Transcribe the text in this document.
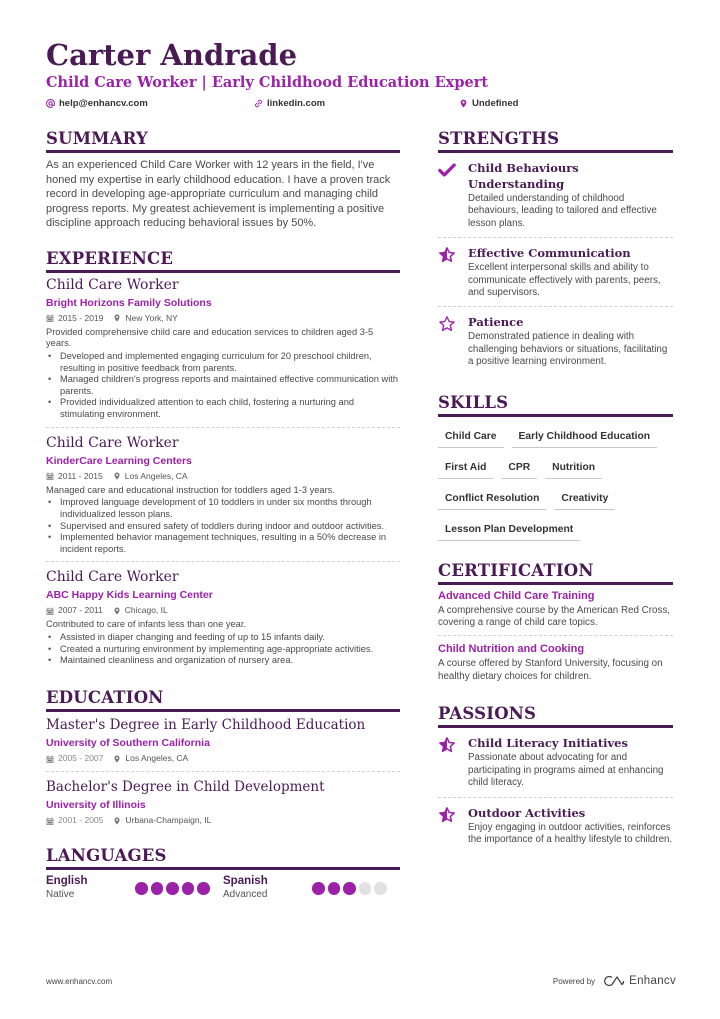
Carter Andrade
Child Care Worker | Early Childhood Education Expert
help@enhancv.com	linkedin.com	Undefined
SUMMARY
As an experienced Child Care Worker with 12 years in the field, I've honed my expertise in early childhood education. I have a proven track record in developing age-appropriate curriculum and managing child progress reports. My greatest achievement is implementing a positive discipline approach reducing behavioral issues by 50%.
EXPERIENCE
Child Care Worker
Bright Horizons Family Solutions
2015 - 2019	New York, NY
Provided comprehensive child care and education services to children aged 3-5 years.
• Developed and implemented engaging curriculum for 20 preschool children, resulting in positive feedback from parents.
• Managed children's progress reports and maintained effective communication with parents.
• Provided individualized attention to each child, fostering a nurturing and stimulating environment.
Child Care Worker
KinderCare Learning Centers
2011 - 2015	Los Angeles, CA
Managed care and educational instruction for toddlers aged 1-3 years.
• Improved language development of 10 toddlers in under six months through individualized lesson plans.
• Supervised and ensured safety of toddlers during indoor and outdoor activities.
• Implemented behavior management techniques, resulting in a 50% decrease in incident reports.
Child Care Worker
ABC Happy Kids Learning Center
2007 - 2011	Chicago, IL
Contributed to care of infants less than one year.
• Assisted in diaper changing and feeding of up to 15 infants daily.
• Created a nurturing environment by implementing age-appropriate activities.
• Maintained cleanliness and organization of nursery area.
EDUCATION
Master's Degree in Early Childhood Education
University of Southern California
2005 - 2007	Los Angeles, CA
Bachelor's Degree in Child Development
University of Illinois
2001 - 2005	Urbana-Champaign, IL
LANGUAGES
English
Native
Spanish
Advanced
STRENGTHS
Child Behaviours Understanding
Detailed understanding of childhood behaviours, leading to tailored and effective lesson plans.
Effective Communication
Excellent interpersonal skills and ability to communicate effectively with parents, peers, and supervisors.
Patience
Demonstrated patience in dealing with challenging behaviors or situations, facilitating a positive learning environment.
SKILLS
Child Care	Early Childhood Education
First Aid	CPR	Nutrition
Conflict Resolution	Creativity
Lesson Plan Development
CERTIFICATION
Advanced Child Care Training
A comprehensive course by the American Red Cross, covering a range of child care topics.
Child Nutrition and Cooking
A course offered by Stanford University, focusing on healthy dietary choices for children.
PASSIONS
Child Literacy Initiatives
Passionate about advocating for and participating in programs aimed at enhancing child literacy.
Outdoor Activities
Enjoy engaging in outdoor activities, reinforces the importance of a healthy lifestyle to children.
www.enhancv.com	Powered by	Enhancv
